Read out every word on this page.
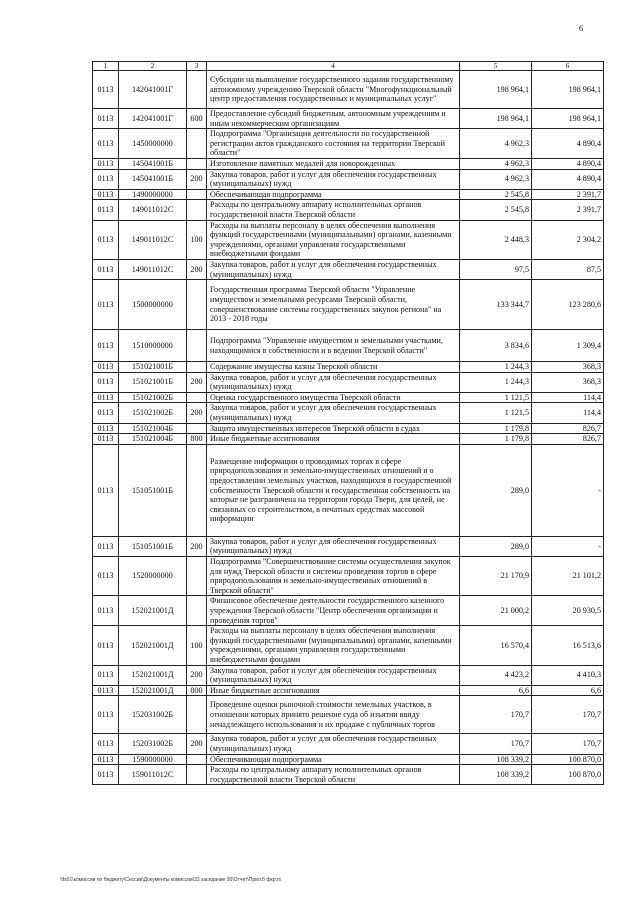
6
1	2	3	4	5	6
0113	142041001Г		Субсидии на выполнение государственного задания государственному автономному учреждению Тверской области "Многофункциональный центр предоставления государственных и муниципальных услуг"	198 964,1	198 964,1
0113	142041001Г	600	Предоставление субсидий бюджетным, автономным учреждениям и иным некоммерческим организациям	198 964,1	198 964,1
0113	1450000000		Подпрограмма "Организация деятельности по государственной регистрации актов гражданского состояния на территории Тверской области"	4 962,3	4 890,4
0113	145041001Б		Изготовление памятных медалей для новорожденных	4 962,3	4 890,4
0113	145041001Б	200	Закупка товаров, работ и услуг для обеспечения государственных (муниципальных) нужд	4 962,3	4 890,4
0113	1490000000		Обеспечивающая подпрограмма	2 545,8	2 391,7
0113	149011012С		Расходы по центральному аппарату исполнительных органов государственной власти Тверской области	2 545,8	2 391,7
0113	149011012С	100	Расходы на выплаты персоналу в целях обеспечения выполнения функций государственными (муниципальными) органами, казенными учреждениями, органами управления государственными внебюджетными фондами	2 448,3	2 304,2
0113	149011012С	200	Закупка товаров, работ и услуг для обеспечения государственных (муниципальных) нужд	97,5	87,5
0113	1500000000		Государственная программа Тверской области "Управление имуществом и земельными ресурсами Тверской области, совершенствование системы государственных закупок региона" на 2013 - 2018 годы	133 344,7	123 280,6
0113	1510000000		Подпрограмма "Управление имуществом и земельными участками, находящимися в собственности и в ведении Тверской области"	3 834,6	1 309,4
0113	151021001Б		Содержание имущества казны Тверской области	1 244,3	368,3
0113	151021001Б	200	Закупка товаров, работ и услуг для обеспечения государственных (муниципальных) нужд	1 244,3	368,3
0113	151021002Б		Оценка государственного имущества Тверской области	1 121,5	114,4
0113	151021002Б	200	Закупка товаров, работ и услуг для обеспечения государственных (муниципальных) нужд	1 121,5	114,4
0113	151021004Б		Защита имущественных интересов Тверской области в судах	1 179,8	826,7
0113	151021004Б	800	Иные бюджетные ассигнования	1 179,8	826,7
0113	151051001Б		Размещение информации о проводимых торгах в сфере природопользования и земельно-имущественных отношений и о предоставлении земельных участков, находящихся в государственной собственности Тверской области и государственная собственность на которые не разграничена на территории города Твери, для целей, не связанных со строительством, в печатных средствах массовой информации	289,0	-
0113	151051001Б	200	Закупка товаров, работ и услуг для обеспечения государственных (муниципальных) нужд	289,0	-
0113	1520000000		Подпрограмма "Совершенствование системы осуществления закупок для нужд Тверской области и системы проведения торгов в сфере природопользования и земельно-имущественных отношений в Тверской области"	21 170,9	21 101,2
0113	152021001Д		Финансовое обеспечение деятельности государственного казенного учреждения Тверской области "Центр обеспечения организации и проведения торгов"	21 000,2	20 930,5
0113	152021001Д	100	Расходы на выплаты персоналу в целях обеспечения выполнения функций государственными (муниципальными) органами, казенными учреждениями, органами управления государственными внебюджетными фондами	16 570,4	16 513,6
0113	152021001Д	200	Закупка товаров, работ и услуг для обеспечения государственных (муниципальных) нужд	4 423,2	4 410,3
0113	152021001Д	800	Иные бюджетные ассигнования	6,6	6,6
0113	152031002Б		Проведение оценки рыночной стоимости земельных участков, в отношении которых принято решение суда об изъятии ввиду ненадлежащего использования и их продаже с публичных торгов	170,7	170,7
0113	152031002Б	200	Закупка товаров, работ и услуг для обеспечения государственных (муниципальных) нужд	170,7	170,7
0113	1590000000		Обеспечивающая подпрограмма	108 339,2	100 870,0
0113	159011012С		Расходы по центральному аппарату исполнительных органов государственной власти Тверской области	108 339,2	100 870,0
\\fs01\комиссии по бюджету\Сессии\Документы комиссии\33 заседание 30\Отчет\Прил.5 фкр.rs
